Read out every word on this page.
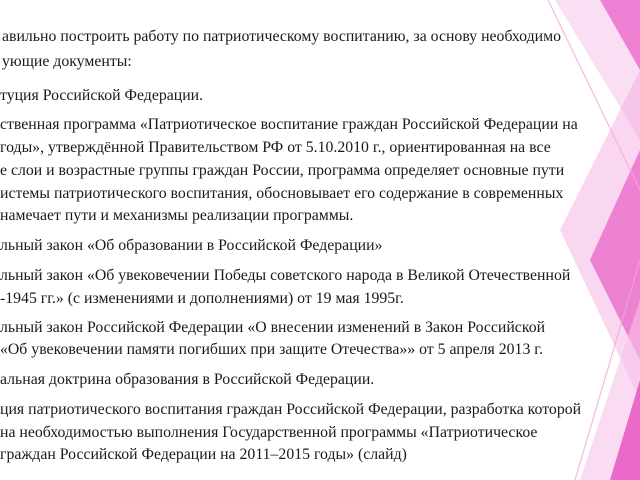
авильно построить работу по патриотическому воспитанию, за основу необходимо
ующие документы:
туция Российской Федерации.
ственная программа «Патриотическое воспитание граждан Российской Федерации на
годы», утверждённой Правительством РФ от 5.10.2010 г., ориентированная на все
е слои и возрастные группы граждан России, программа определяет основные пути
истемы патриотического воспитания, обосновывает его содержание в современных
намечает пути и механизмы реализации программы.
льный закон «Об образовании в Российской Федерации»
льный закон «Об увековечении Победы советского народа в Великой Отечественной
-1945 гг.» (с изменениями и дополнениями) от 19 мая 1995г.
льный закон Российской Федерации «О внесении изменений в Закон Российской
«Об увековечении памяти погибших при защите Отечества»» от 5 апреля 2013 г.
альная доктрина образования в Российской Федерации.
ция патриотического воспитания граждан Российской Федерации, разработка которой
на необходимостью выполнения Государственной программы «Патриотическое
граждан Российской Федерации на 2011–2015 годы» (слайд)
